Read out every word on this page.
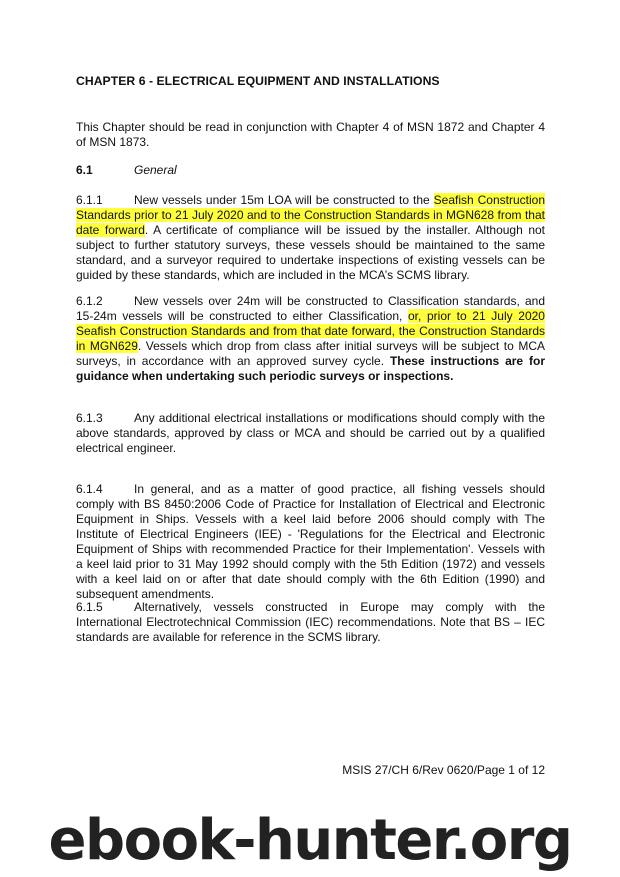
CHAPTER 6 - ELECTRICAL EQUIPMENT AND INSTALLATIONS
This Chapter should be read in conjunction with Chapter 4 of MSN 1872 and Chapter 4 of MSN 1873.
6.1	General
6.1.1	New vessels under 15m LOA will be constructed to the Seafish Construction Standards prior to 21 July 2020 and to the Construction Standards in MGN628 from that date forward. A certificate of compliance will be issued by the installer. Although not subject to further statutory surveys, these vessels should be maintained to the same standard, and a surveyor required to undertake inspections of existing vessels can be guided by these standards, which are included in the MCA’s SCMS library.
6.1.2	New vessels over 24m will be constructed to Classification standards, and 15-24m vessels will be constructed to either Classification, or, prior to 21 July 2020 Seafish Construction Standards and from that date forward, the Construction Standards in MGN629. Vessels which drop from class after initial surveys will be subject to MCA surveys, in accordance with an approved survey cycle. These instructions are for guidance when undertaking such periodic surveys or inspections.
6.1.3	Any additional electrical installations or modifications should comply with the above standards, approved by class or MCA and should be carried out by a qualified electrical engineer.
6.1.4	In general, and as a matter of good practice, all fishing vessels should comply with BS 8450:2006 Code of Practice for Installation of Electrical and Electronic Equipment in Ships. Vessels with a keel laid before 2006 should comply with The Institute of Electrical Engineers (IEE) - 'Regulations for the Electrical and Electronic Equipment of Ships with recommended Practice for their Implementation'. Vessels with a keel laid prior to 31 May 1992 should comply with the 5th Edition (1972) and vessels with a keel laid on or after that date should comply with the 6th Edition (1990) and subsequent amendments.
6.1.5	Alternatively, vessels constructed in Europe may comply with the International Electrotechnical Commission (IEC) recommendations. Note that BS – IEC standards are available for reference in the SCMS library.
MSIS 27/CH 6/Rev 0620/Page 1 of 12
ebook-hunter.org
